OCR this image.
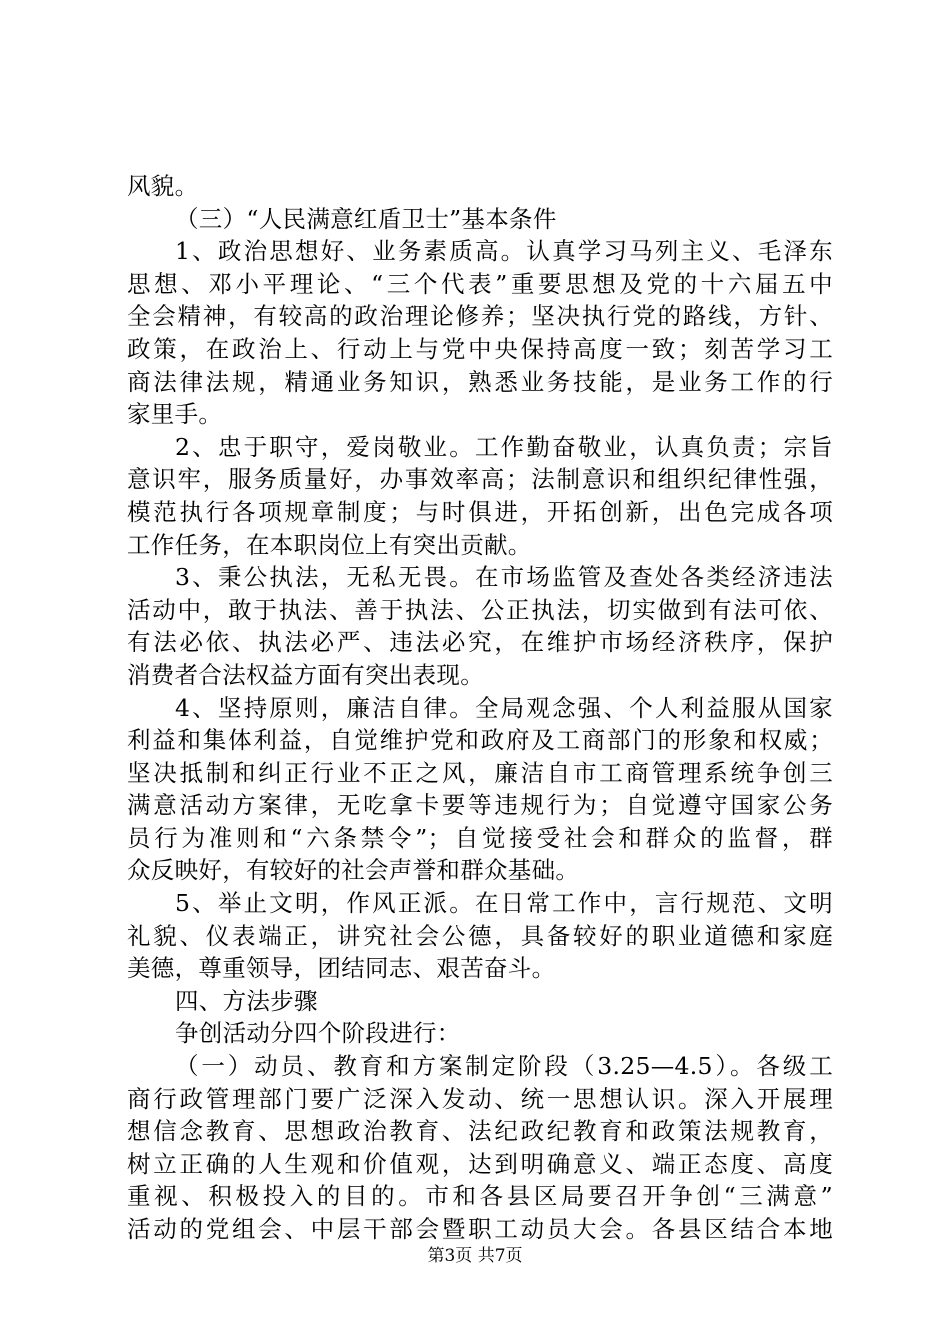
风貌。
（三）“人民满意红盾卫士”基本条件
1、政治思想好、业务素质高。认真学习马列主义、毛泽东
思想、邓小平理论、“三个代表”重要思想及党的十六届五中
全会精神，有较高的政治理论修养；坚决执行党的路线，方针、
政策，在政治上、行动上与党中央保持高度一致；刻苦学习工
商法律法规，精通业务知识，熟悉业务技能，是业务工作的行
家里手。
2、忠于职守，爱岗敬业。工作勤奋敬业，认真负责；宗旨
意识牢，服务质量好，办事效率高；法制意识和组织纪律性强，
模范执行各项规章制度；与时俱进，开拓创新，出色完成各项
工作任务，在本职岗位上有突出贡献。
3、秉公执法，无私无畏。在市场监管及查处各类经济违法
活动中，敢于执法、善于执法、公正执法，切实做到有法可依、
有法必依、执法必严、违法必究，在维护市场经济秩序，保护
消费者合法权益方面有突出表现。
4、坚持原则，廉洁自律。全局观念强、个人利益服从国家
利益和集体利益，自觉维护党和政府及工商部门的形象和权威；
坚决抵制和纠正行业不正之风，廉洁自市工商管理系统争创三
满意活动方案律，无吃拿卡要等违规行为；自觉遵守国家公务
员行为准则和“六条禁令”；自觉接受社会和群众的监督，群
众反映好，有较好的社会声誉和群众基础。
5、举止文明，作风正派。在日常工作中，言行规范、文明
礼貌、仪表端正，讲究社会公德，具备较好的职业道德和家庭
美德，尊重领导，团结同志、艰苦奋斗。
四、方法步骤
争创活动分四个阶段进行：
（一）动员、教育和方案制定阶段（3.25—4.5）。各级工
商行政管理部门要广泛深入发动、统一思想认识。深入开展理
想信念教育、思想政治教育、法纪政纪教育和政策法规教育，
树立正确的人生观和价值观，达到明确意义、端正态度、高度
重视、积极投入的目的。市和各县区局要召开争创“三满意”
活动的党组会、中层干部会暨职工动员大会。各县区结合本地
第3页 共7页
